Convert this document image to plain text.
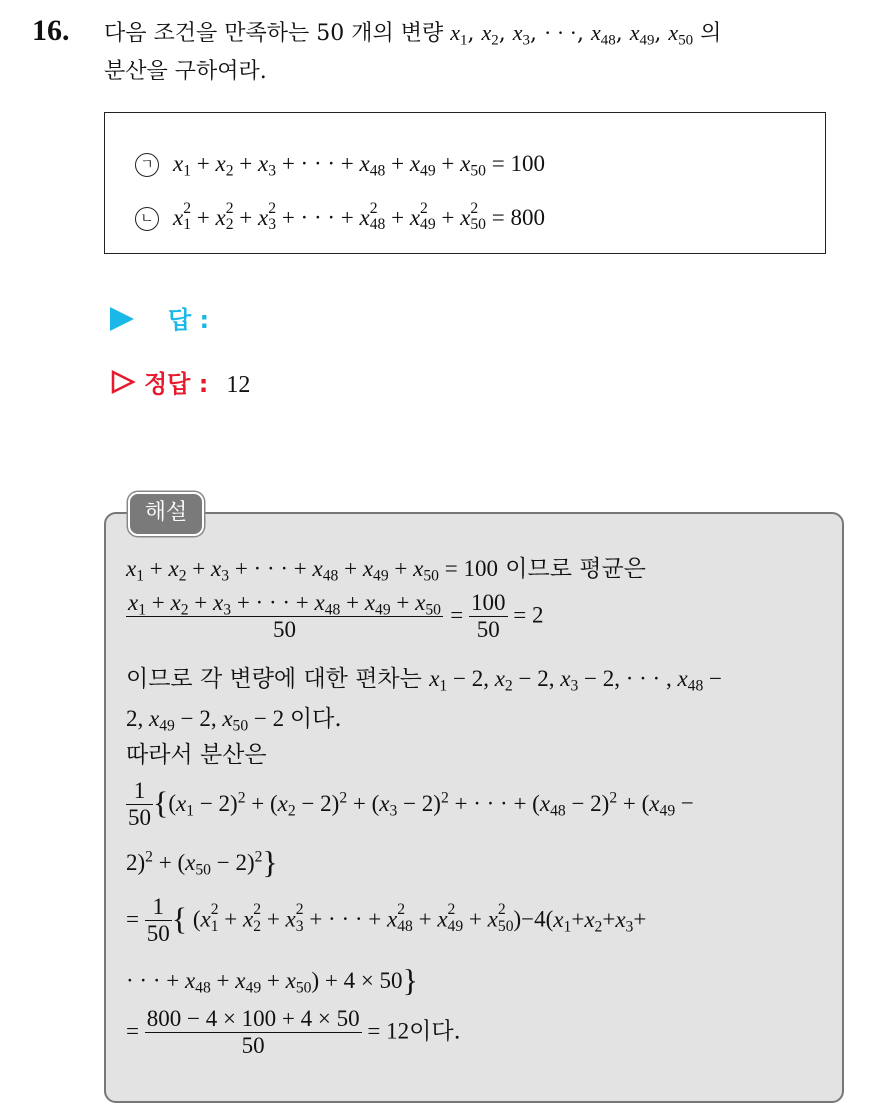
16. 다음 조건을 만족하는 50 개의 변량 $x_1$, $x_2$, $x_3$, · · ·, $x_{48}$, $x_{49}$, $x_{50}$ 의
분산을 구하여라.
ㄱ $x_1 + x_2 + x_3$ + · · · + $x_{48} + x_{49} + x_{50} = 100$
ㄴ x 2
1 + x 2
2 + x 2
3 + · · · + x 2
48 + x 2
49 + x 2
50 = 800
답 :
정답 : 12
해설
$x_1 + x_2 + x_3$ + · · · + $x_{48} + x_{49} + x_{50} = 100$ 이므로 평균은
$\frac{x_1 + x_2 + x_3 + \cdot \cdot \cdot + x_{48} + x_{49} + x_{50}}{50} = \frac{100}{50} = 2$
이므로 각 변량에 대한 편차는 $x_1 - 2$, $x_2 - 2$, $x_3 - 2$, · · · , $x_{48}$ −
2, $x_{49} - 2$, $x_{50} - 2$ 이다.
따라서 분산은
$\frac{1}{50} \{(x_1 - 2)^2 + (x_2 - 2)^2 + (x_3 - 2)^2$ + · · · + $(x_{48} - 2)^2 + (x_{49}$ −
$2)^2 + (x_{50} - 2)^2$}
= $\frac{1}{50}$ { (x 2
1 + x 2
2 + x 2
3 + · · · + x 2
48 + x 2
49 + x 2
$50)-4(x_1+x_2+x_3+$
· · · + $x_{48} + x_{49} + x_{50}) + 4 \times 50$}
= $\frac{800 - 4 \times 100 + 4 \times 50}{50} = 12$이다.
